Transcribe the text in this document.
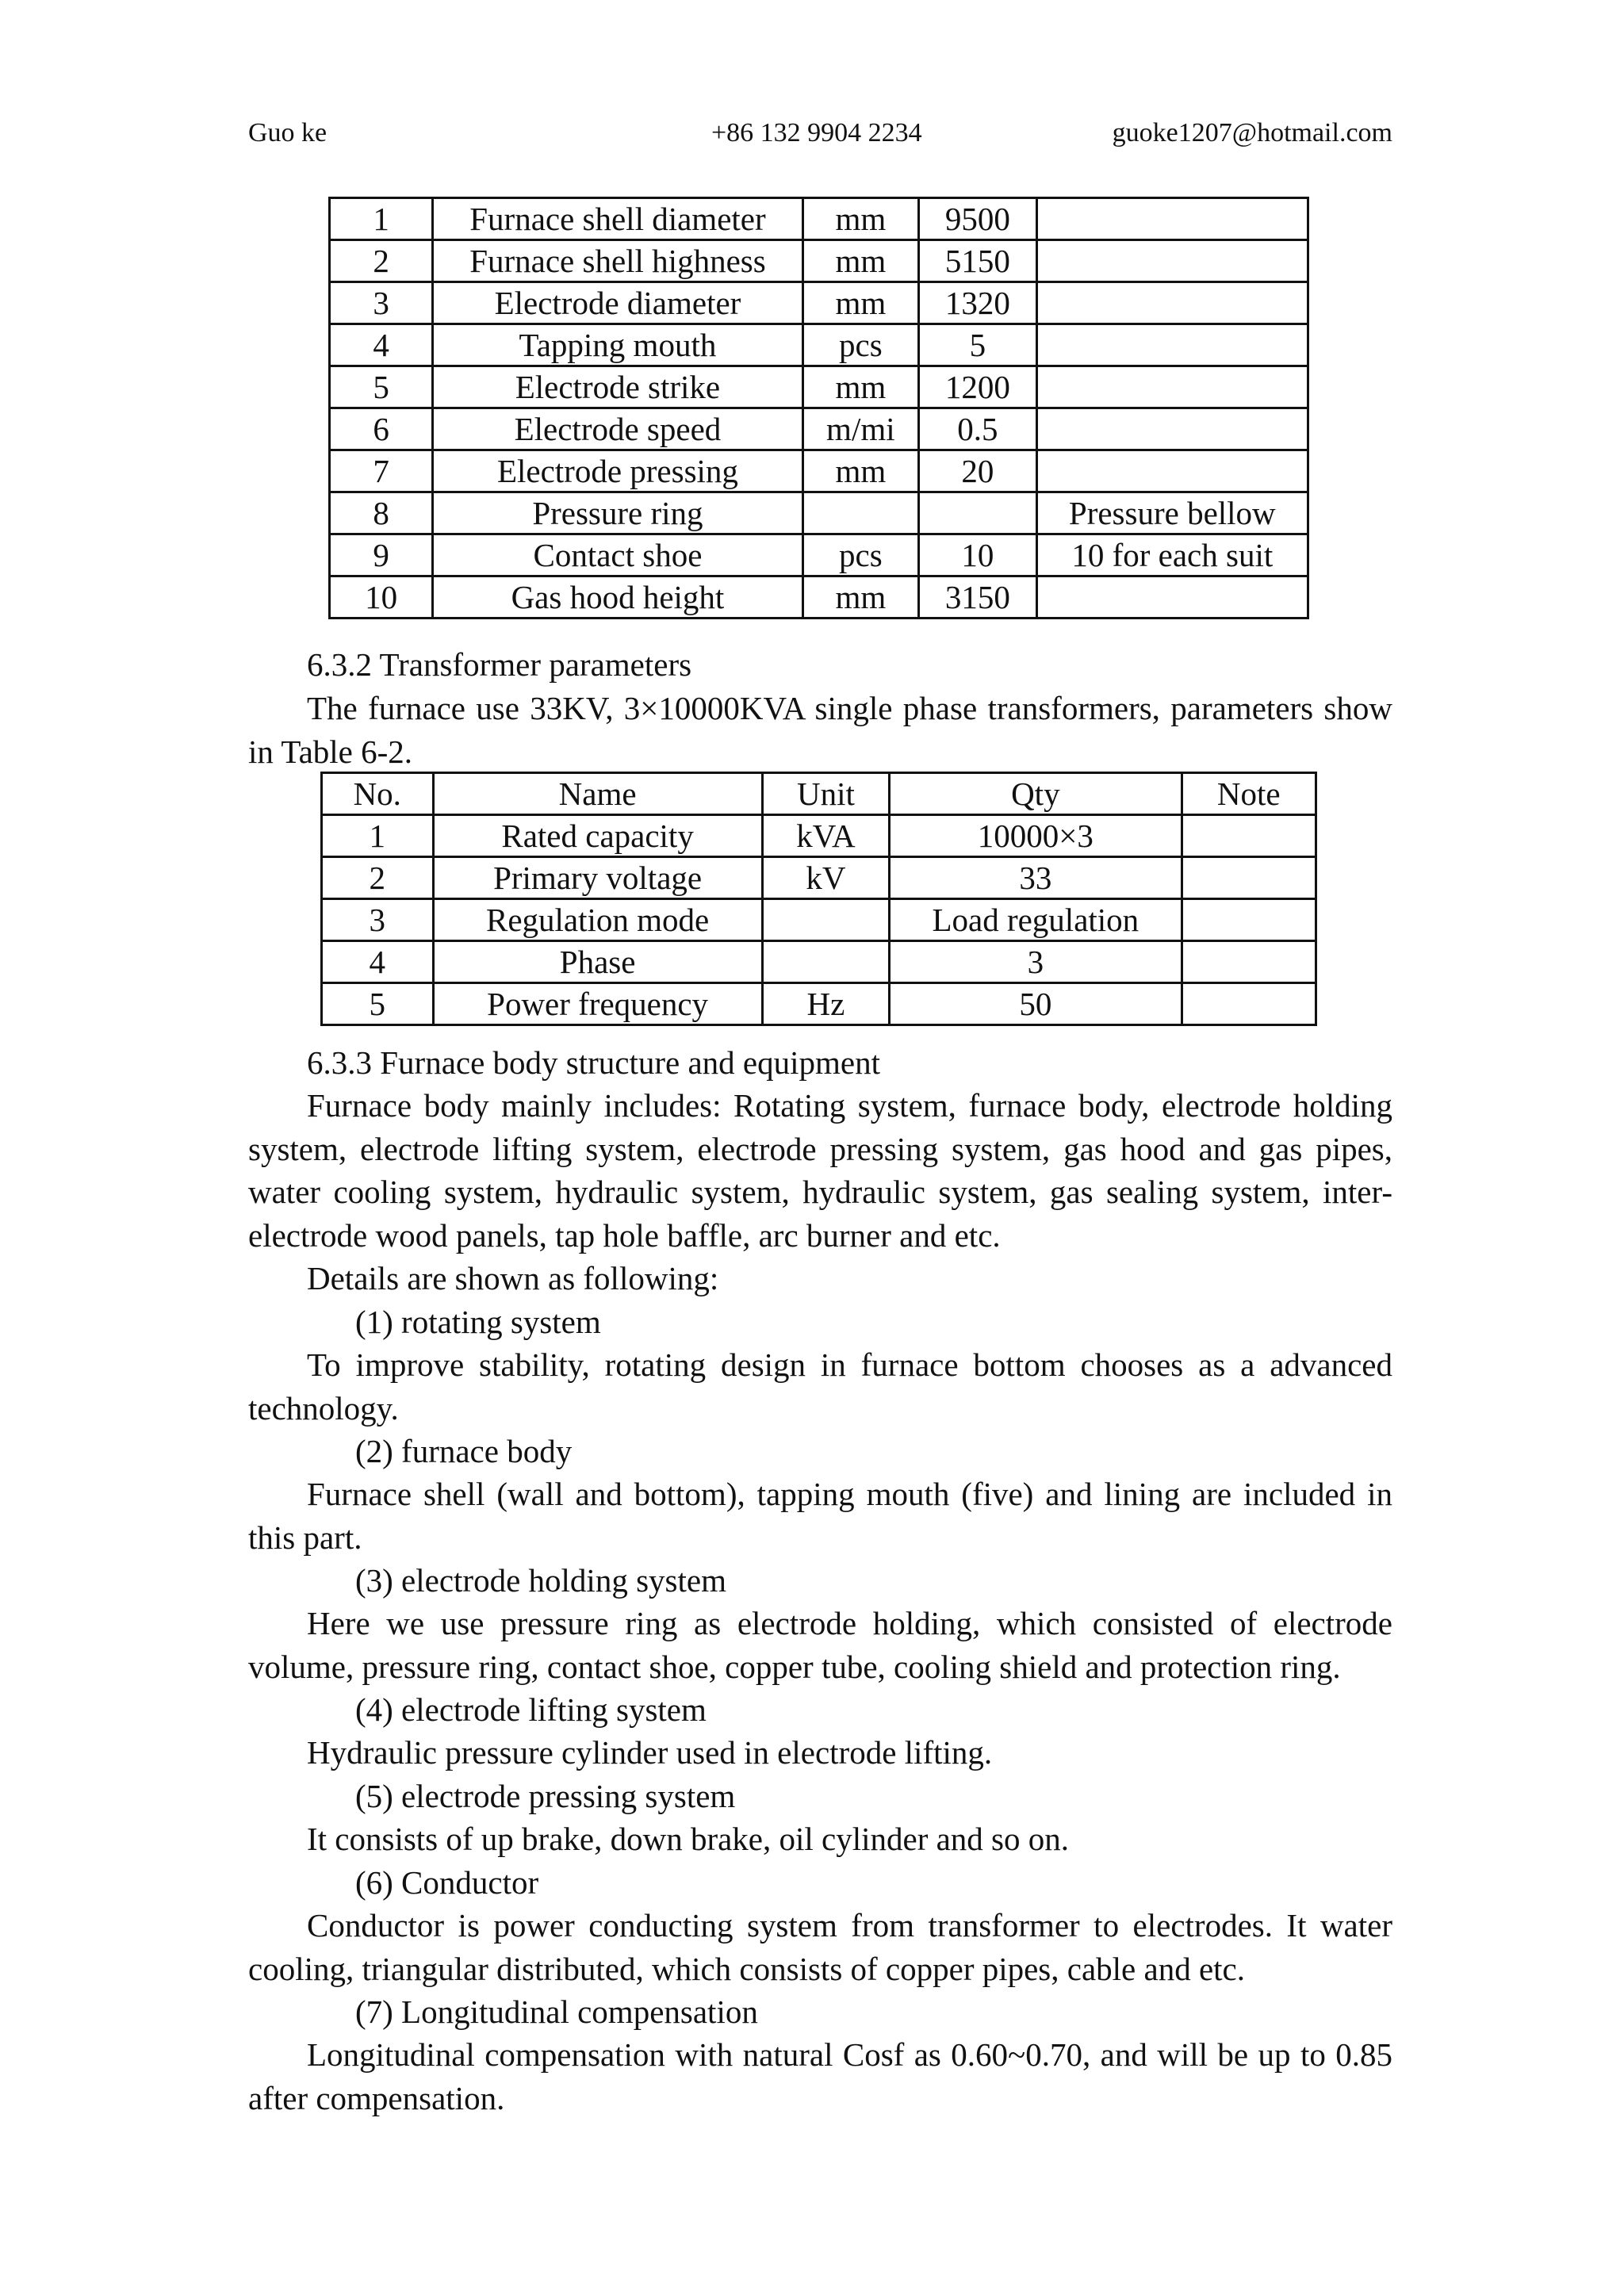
Guo ke	+86 132 9904 2234	guoke1207@hotmail.com
1	Furnace shell diameter	mm	9500	
2	Furnace shell highness	mm	5150	
3	Electrode diameter	mm	1320	
4	Tapping mouth	pcs	5	
5	Electrode strike	mm	1200	
6	Electrode speed	m/mi	0.5	
7	Electrode pressing	mm	20	
8	Pressure ring			Pressure bellow
9	Contact shoe	pcs	10	10 for each suit
10	Gas hood height	mm	3150	

6.3.2 Transformer parameters

The furnace use 33KV, 3×10000KVA single phase transformers, parameters show in Table 6-2.

No.	Name	Unit	Qty	Note
1	Rated capacity	kVA	10000×3	
2	Primary voltage	kV	33	
3	Regulation mode		Load regulation	
4	Phase		3	
5	Power frequency	Hz	50	

6.3.3 Furnace body structure and equipment

Furnace body mainly includes: Rotating system, furnace body, electrode holding system, electrode lifting system, electrode pressing system, gas hood and gas pipes, water cooling system, hydraulic system, hydraulic system, gas sealing system, inter-electrode wood panels, tap hole baffle, arc burner and etc.

Details are shown as following:

(1) rotating system

To improve stability, rotating design in furnace bottom chooses as a advanced technology.

(2) furnace body

Furnace shell (wall and bottom), tapping mouth (five) and lining are included in this part.

(3) electrode holding system

Here we use pressure ring as electrode holding, which consisted of electrode volume, pressure ring, contact shoe, copper tube, cooling shield and protection ring.

(4) electrode lifting system

Hydraulic pressure cylinder used in electrode lifting.

(5) electrode pressing system

It consists of up brake, down brake, oil cylinder and so on.

(6) Conductor

Conductor is power conducting system from transformer to electrodes. It water cooling, triangular distributed, which consists of copper pipes, cable and etc.

(7) Longitudinal compensation

Longitudinal compensation with natural Cosf as 0.60~0.70, and will be up to 0.85 after compensation.
